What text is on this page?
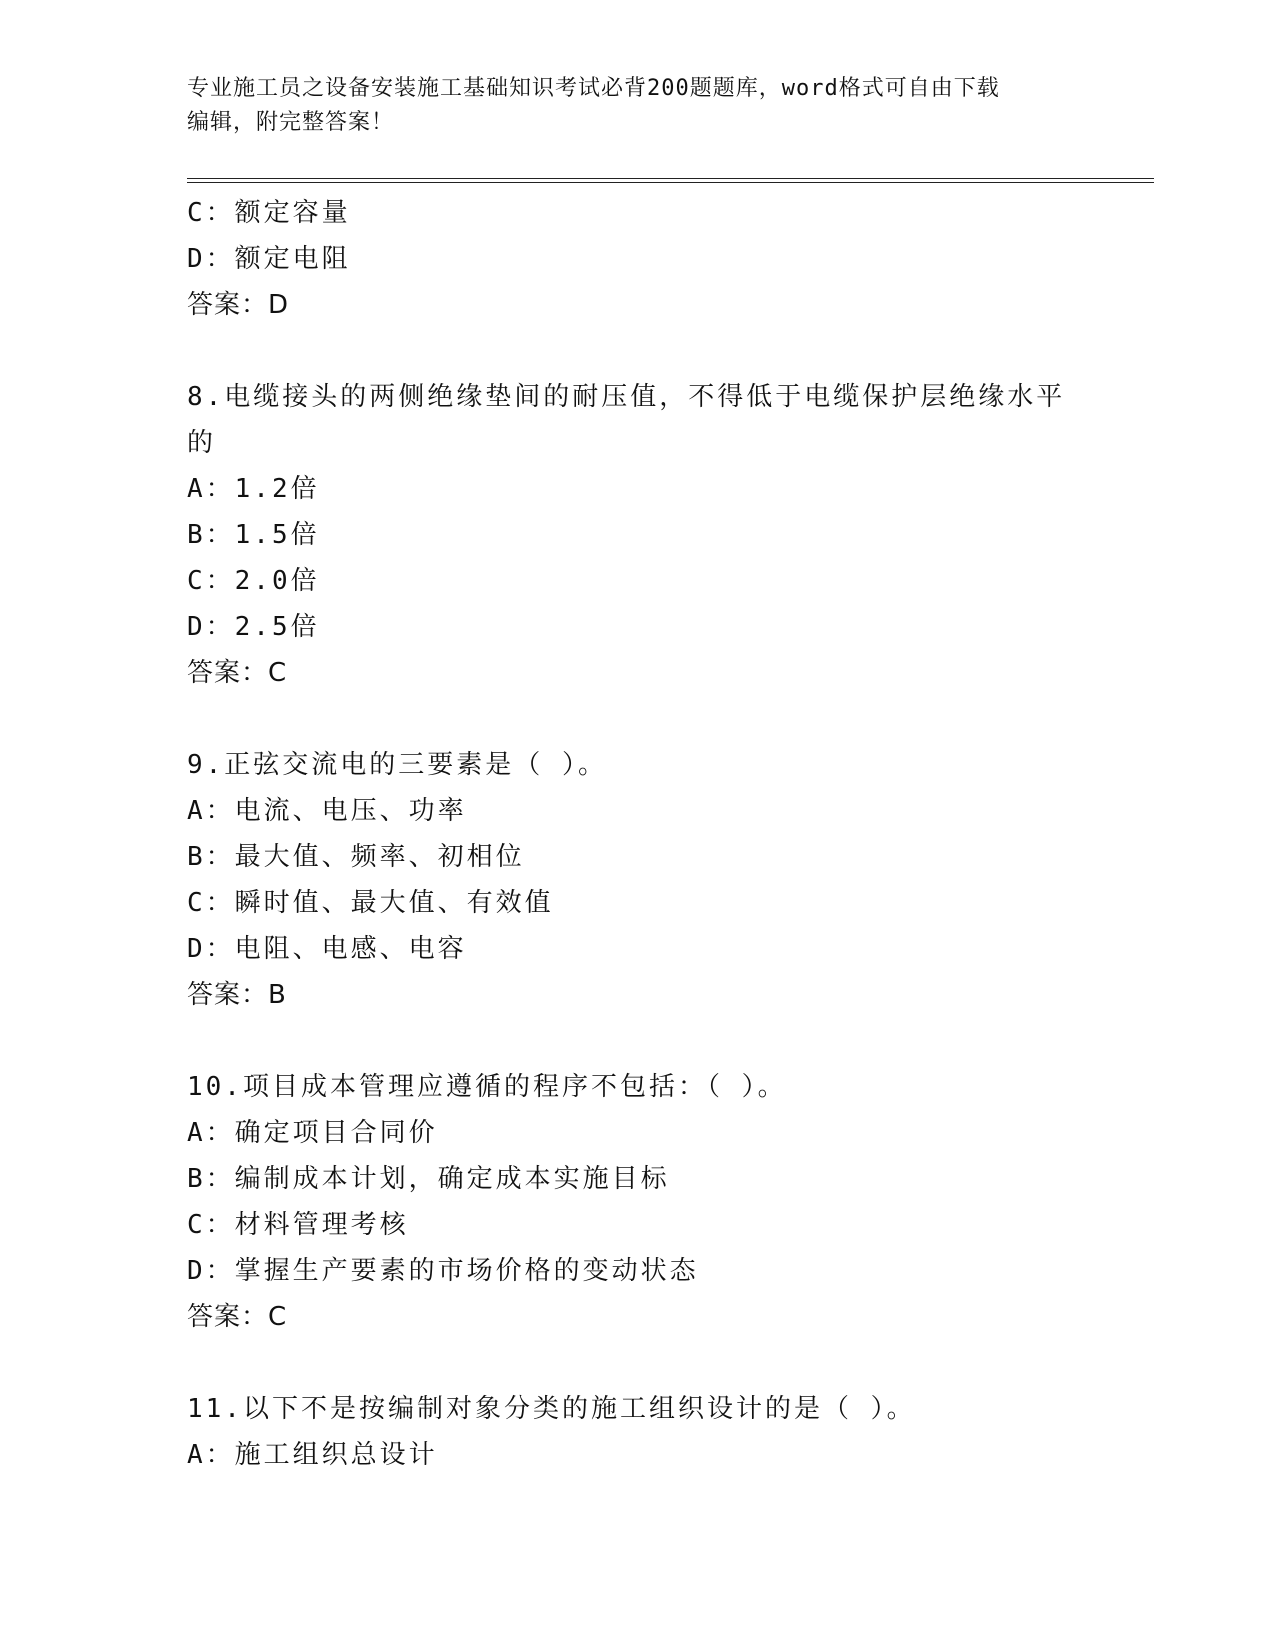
专业施工员之设备安装施工基础知识考试必背200题题库，word格式可自由下载
编辑，附完整答案！
C：额定容量
D：额定电阻
答案：D
8.电缆接头的两侧绝缘垫间的耐压值，不得低于电缆保护层绝缘水平
的
A：1.2倍
B：1.5倍
C：2.0倍
D：2.5倍
答案：C
9.正弦交流电的三要素是（ ）。
A：电流、电压、功率
B：最大值、频率、初相位
C：瞬时值、最大值、有效值
D：电阻、电感、电容
答案：B
10.项目成本管理应遵循的程序不包括：（ ）。
A：确定项目合同价
B：编制成本计划，确定成本实施目标
C：材料管理考核
D：掌握生产要素的市场价格的变动状态
答案：C
11.以下不是按编制对象分类的施工组织设计的是（ ）。
A：施工组织总设计
